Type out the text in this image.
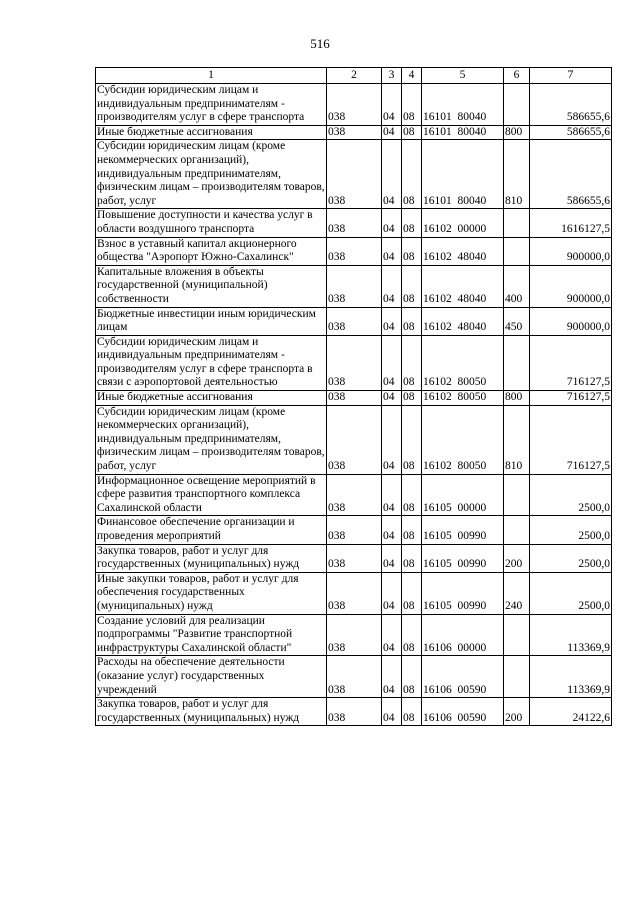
516
1	2	3	4	5	6	7
Субсидии юридическим лицам и индивидуальным предпринимателям - производителям услуг в сфере транспорта	038	04	08	16101  80040		586655,6
Иные бюджетные ассигнования	038	04	08	16101  80040	800	586655,6
Субсидии юридическим лицам (кроме некоммерческих организаций), индивидуальным предпринимателям, физическим лицам – производителям товаров, работ, услуг	038	04	08	16101  80040	810	586655,6
Повышение доступности и качества услуг в области воздушного транспорта	038	04	08	16102  00000		1616127,5
Взнос в уставный капитал акционерного общества "Аэропорт Южно-Сахалинск"	038	04	08	16102  48040		900000,0
Капитальные вложения в объекты государственной (муниципальной) собственности	038	04	08	16102  48040	400	900000,0
Бюджетные инвестиции иным юридическим лицам	038	04	08	16102  48040	450	900000,0
Субсидии юридическим лицам и индивидуальным предпринимателям - производителям услуг в сфере транспорта в связи с аэропортовой деятельностью	038	04	08	16102  80050		716127,5
Иные бюджетные ассигнования	038	04	08	16102  80050	800	716127,5
Субсидии юридическим лицам (кроме некоммерческих организаций), индивидуальным предпринимателям, физическим лицам – производителям товаров, работ, услуг	038	04	08	16102  80050	810	716127,5
Информационное освещение мероприятий в сфере развития транспортного комплекса Сахалинской области	038	04	08	16105  00000		2500,0
Финансовое обеспечение организации и проведения мероприятий	038	04	08	16105  00990		2500,0
Закупка товаров, работ и услуг для государственных (муниципальных) нужд	038	04	08	16105  00990	200	2500,0
Иные закупки товаров, работ и услуг для обеспечения государственных (муниципальных) нужд	038	04	08	16105  00990	240	2500,0
Создание условий для реализации подпрограммы "Развитие транспортной инфраструктуры Сахалинской области"	038	04	08	16106  00000		113369,9
Расходы на обеспечение деятельности (оказание услуг) государственных учреждений	038	04	08	16106  00590		113369,9
Закупка товаров, работ и услуг для государственных (муниципальных) нужд	038	04	08	16106  00590	200	24122,6
